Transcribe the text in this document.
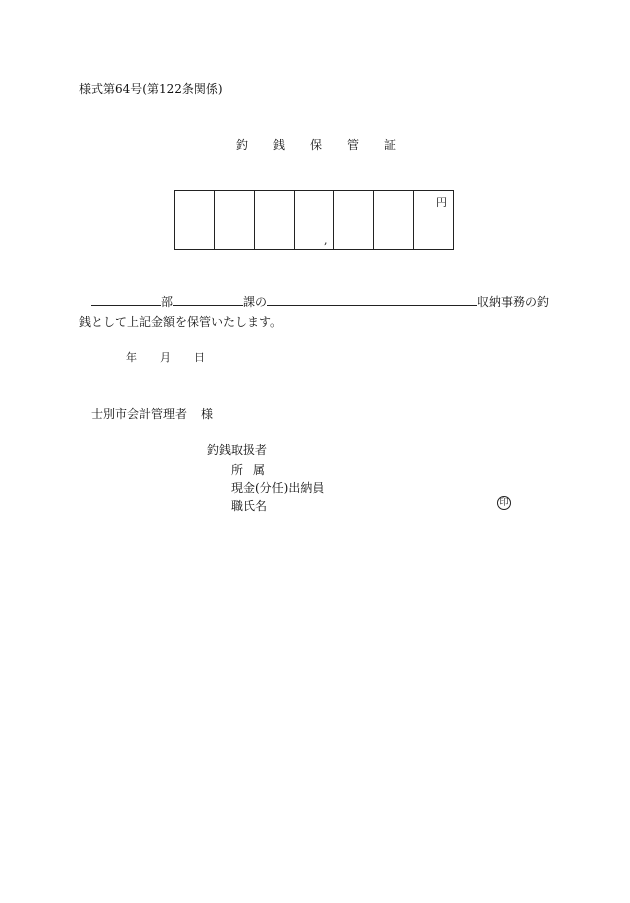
様式第64号(第122条関係)
釣 銭 保 管 証
,
円
部	課の	収納事務の釣
銭として上記金額を保管いたします。
年 月 日
士別市会計管理者 様
釣銭取扱者
所属
現金(分任)出納員
職氏名	印
